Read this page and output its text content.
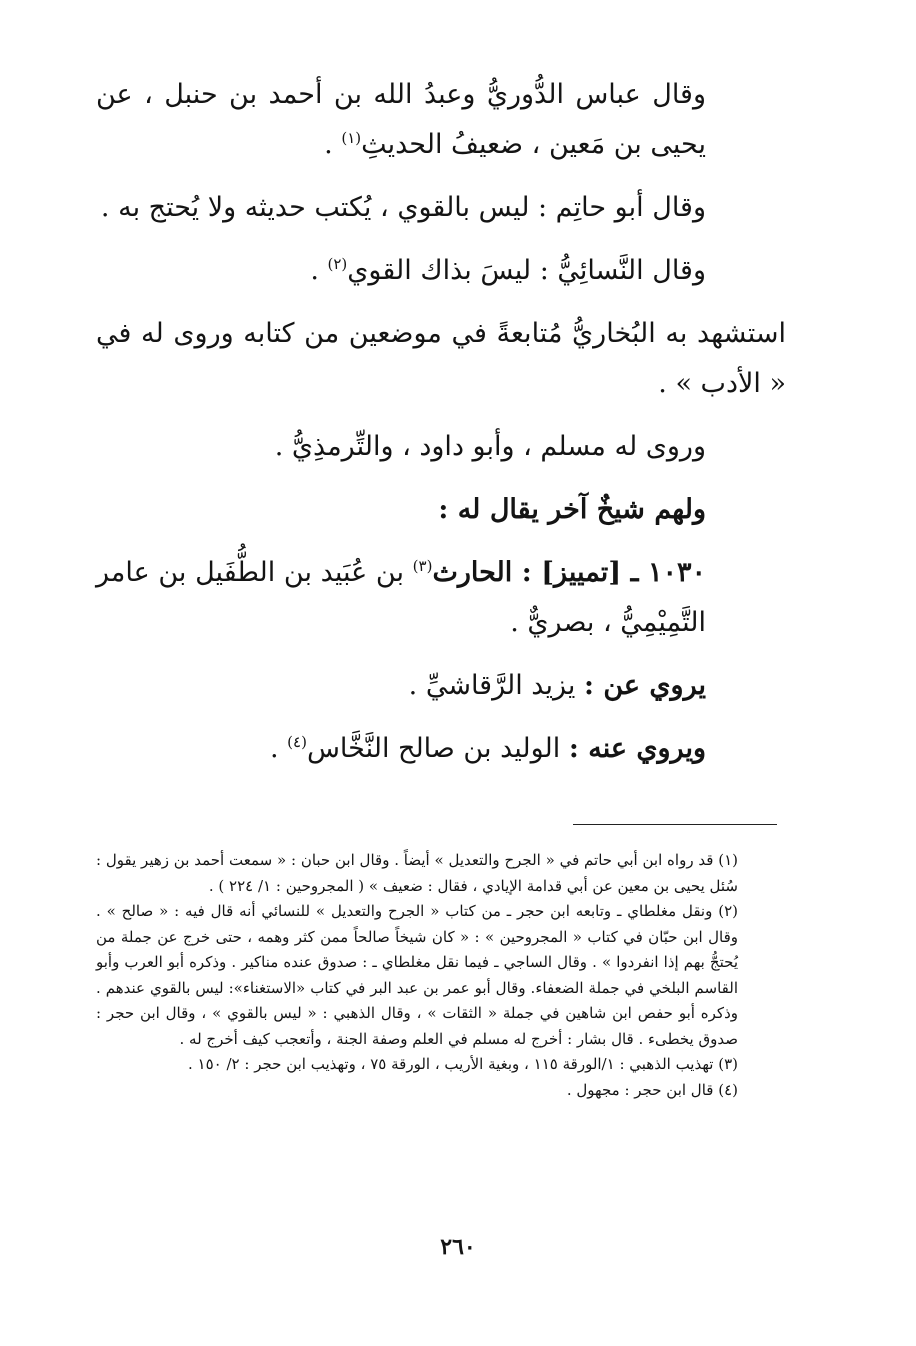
وقال عباس الدُّوريُّ وعبدُ الله بن أحمد بن حنبل ، عن يحيى بن مَعين ، ضعيفُ الحديثِ$^{(١)}$ .

وقال أبو حاتِم : ليس بالقوي ، يُكتب حديثه ولا يُحتج به .

وقال النَّسائِيُّ : ليسَ بذاك القوي$^{(٢)}$ .

استشهد به البُخاريُّ مُتابعةً في موضعين من كتابه وروى له في « الأدب » .

وروى له مسلم ، وأبو داود ، والتِّرمذِيُّ .

ولهم شيخٌ آخر يقال له :

١٠٣٠ ـ [تمييز] : الحارث$^{(٣)}$ بن عُبَيد بن الطُّفَيل بن عامر التَّمِيْمِيُّ ، بصريٌّ .

يروي عن : يزيد الرَّقاشيِّ .

ويروي عنه : الوليد بن صالح النَّخَّاس$^{(٤)}$ .

(١) قد رواه ابن أبي حاتم في « الجرح والتعديل » أيضاً . وقال ابن حبان : « سمعت أحمد بن زهير يقول : سُئل يحيى بن معين عن أبي قدامة الإيادي ، فقال : ضعيف » ( المجروحين : ١/ ٢٢٤ ) .

(٢) ونقل مغلطاي ـ وتابعه ابن حجر ـ من كتاب « الجرح والتعديل » للنسائي أنه قال فيه : « صالح » . وقال ابن حبّان في كتاب « المجروحين » : « كان شيخاً صالحاً ممن كثر وهمه ، حتى خرج عن جملة من يُحتجُّ بهم إذا انفردوا » . وقال الساجي ـ فيما نقل مغلطاي ـ : صدوق عنده مناكير . وذكره أبو العرب وأبو القاسم البلخي في جملة الضعفاء. وقال أبو عمر بن عبد البر في كتاب «الاستغناء»: ليس بالقوي عندهم . وذكره أبو حفص ابن شاهين في جملة « الثقات » ، وقال الذهبي : « ليس بالقوي » ، وقال ابن حجر : صدوق يخطىء . قال بشار : أخرج له مسلم في العلم وصفة الجنة ، وأتعجب كيف أخرج له .

(٣) تهذيب الذهبي : ١/الورقة ١١٥ ، وبغية الأريب ، الورقة ٧٥ ، وتهذيب ابن حجر : ٢/ ١٥٠ .

(٤) قال ابن حجر : مجهول .

٢٦٠
